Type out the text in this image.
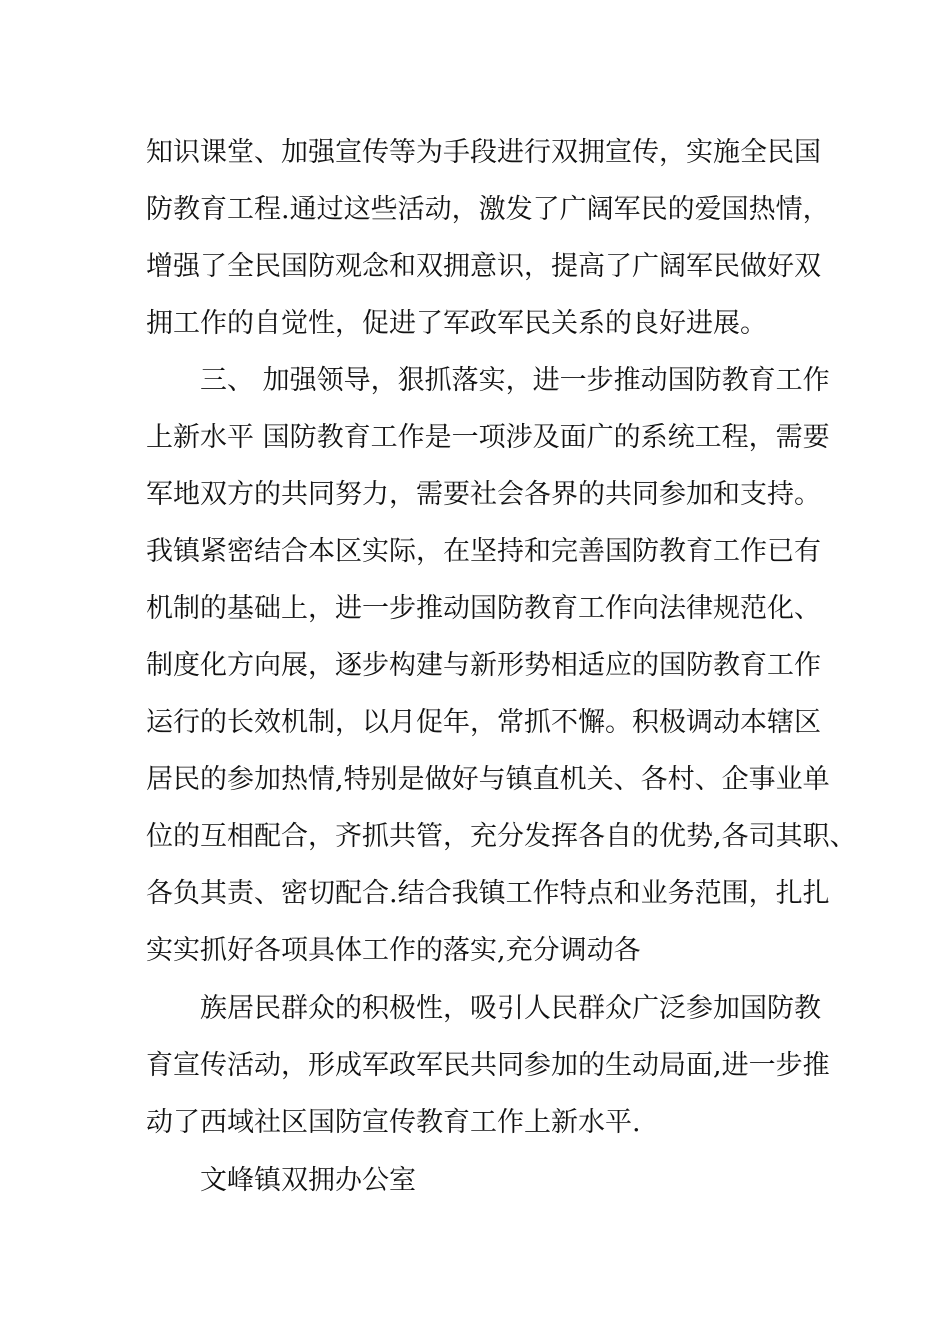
知识课堂、加强宣传等为手段进行双拥宣传，实施全民国
防教育工程.通过这些活动，激发了广阔军民的爱国热情，
增强了全民国防观念和双拥意识，提高了广阔军民做好双
拥工作的自觉性，促进了军政军民关系的良好进展。
三、 加强领导，狠抓落实，进一步推动国防教育工作
上新水平 国防教育工作是一项涉及面广的系统工程，需要
军地双方的共同努力，需要社会各界的共同参加和支持。
我镇紧密结合本区实际，在坚持和完善国防教育工作已有
机制的基础上，进一步推动国防教育工作向法律规范化、
制度化方向展，逐步构建与新形势相适应的国防教育工作
运行的长效机制，以月促年，常抓不懈。积极调动本辖区
居民的参加热情,特别是做好与镇直机关、各村、企事业单
位的互相配合，齐抓共管，充分发挥各自的优势,各司其职、
各负其责、密切配合.结合我镇工作特点和业务范围，扎扎
实实抓好各项具体工作的落实,充分调动各
族居民群众的积极性，吸引人民群众广泛参加国防教
育宣传活动，形成军政军民共同参加的生动局面,进一步推
动了西域社区国防宣传教育工作上新水平.
文峰镇双拥办公室
